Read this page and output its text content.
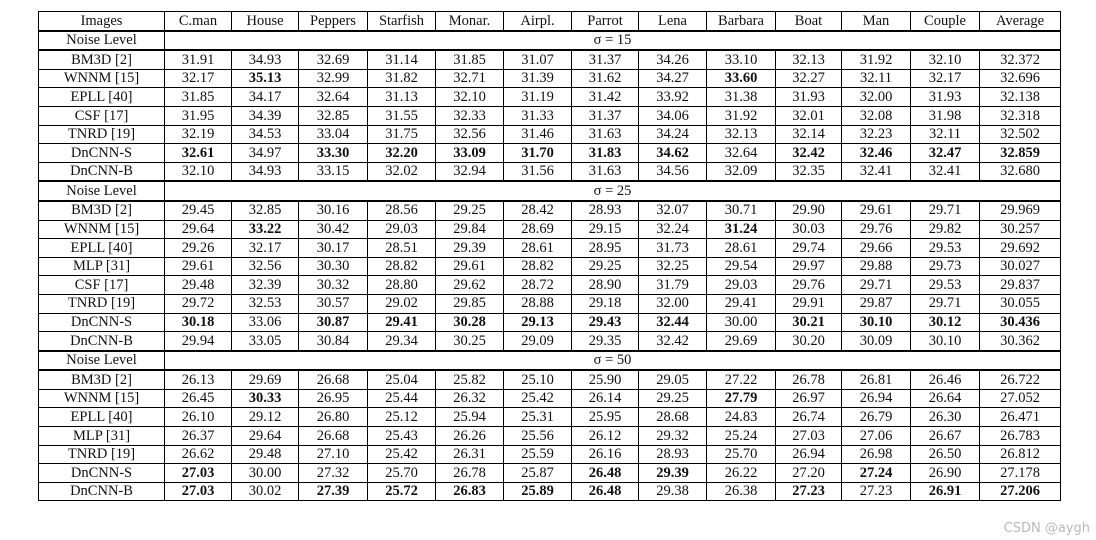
Images	C.man	House	Peppers	Starfish	Monar.	Airpl.	Parrot	Lena	Barbara	Boat	Man	Couple	Average
Noise Level	σ = 15												
BM3D [2]	31.91	34.93	32.69	31.14	31.85	31.07	31.37	34.26	33.10	32.13	31.92	32.10	32.372
WNNM [15]	32.17	35.13	32.99	31.82	32.71	31.39	31.62	34.27	33.60	32.27	32.11	32.17	32.696
EPLL [40]	31.85	34.17	32.64	31.13	32.10	31.19	31.42	33.92	31.38	31.93	32.00	31.93	32.138
CSF [17]	31.95	34.39	32.85	31.55	32.33	31.33	31.37	34.06	31.92	32.01	32.08	31.98	32.318
TNRD [19]	32.19	34.53	33.04	31.75	32.56	31.46	31.63	34.24	32.13	32.14	32.23	32.11	32.502
DnCNN-S	32.61	34.97	33.30	32.20	33.09	31.70	31.83	34.62	32.64	32.42	32.46	32.47	32.859
DnCNN-B	32.10	34.93	33.15	32.02	32.94	31.56	31.63	34.56	32.09	32.35	32.41	32.41	32.680
Noise Level	σ = 25												
BM3D [2]	29.45	32.85	30.16	28.56	29.25	28.42	28.93	32.07	30.71	29.90	29.61	29.71	29.969
WNNM [15]	29.64	33.22	30.42	29.03	29.84	28.69	29.15	32.24	31.24	30.03	29.76	29.82	30.257
EPLL [40]	29.26	32.17	30.17	28.51	29.39	28.61	28.95	31.73	28.61	29.74	29.66	29.53	29.692
MLP [31]	29.61	32.56	30.30	28.82	29.61	28.82	29.25	32.25	29.54	29.97	29.88	29.73	30.027
CSF [17]	29.48	32.39	30.32	28.80	29.62	28.72	28.90	31.79	29.03	29.76	29.71	29.53	29.837
TNRD [19]	29.72	32.53	30.57	29.02	29.85	28.88	29.18	32.00	29.41	29.91	29.87	29.71	30.055
DnCNN-S	30.18	33.06	30.87	29.41	30.28	29.13	29.43	32.44	30.00	30.21	30.10	30.12	30.436
DnCNN-B	29.94	33.05	30.84	29.34	30.25	29.09	29.35	32.42	29.69	30.20	30.09	30.10	30.362
Noise Level	σ = 50												
BM3D [2]	26.13	29.69	26.68	25.04	25.82	25.10	25.90	29.05	27.22	26.78	26.81	26.46	26.722
WNNM [15]	26.45	30.33	26.95	25.44	26.32	25.42	26.14	29.25	27.79	26.97	26.94	26.64	27.052
EPLL [40]	26.10	29.12	26.80	25.12	25.94	25.31	25.95	28.68	24.83	26.74	26.79	26.30	26.471
MLP [31]	26.37	29.64	26.68	25.43	26.26	25.56	26.12	29.32	25.24	27.03	27.06	26.67	26.783
TNRD [19]	26.62	29.48	27.10	25.42	26.31	25.59	26.16	28.93	25.70	26.94	26.98	26.50	26.812
DnCNN-S	27.03	30.00	27.32	25.70	26.78	25.87	26.48	29.39	26.22	27.20	27.24	26.90	27.178
DnCNN-B	27.03	30.02	27.39	25.72	26.83	25.89	26.48	29.38	26.38	27.23	27.23	26.91	27.206
CSDN @aygh
